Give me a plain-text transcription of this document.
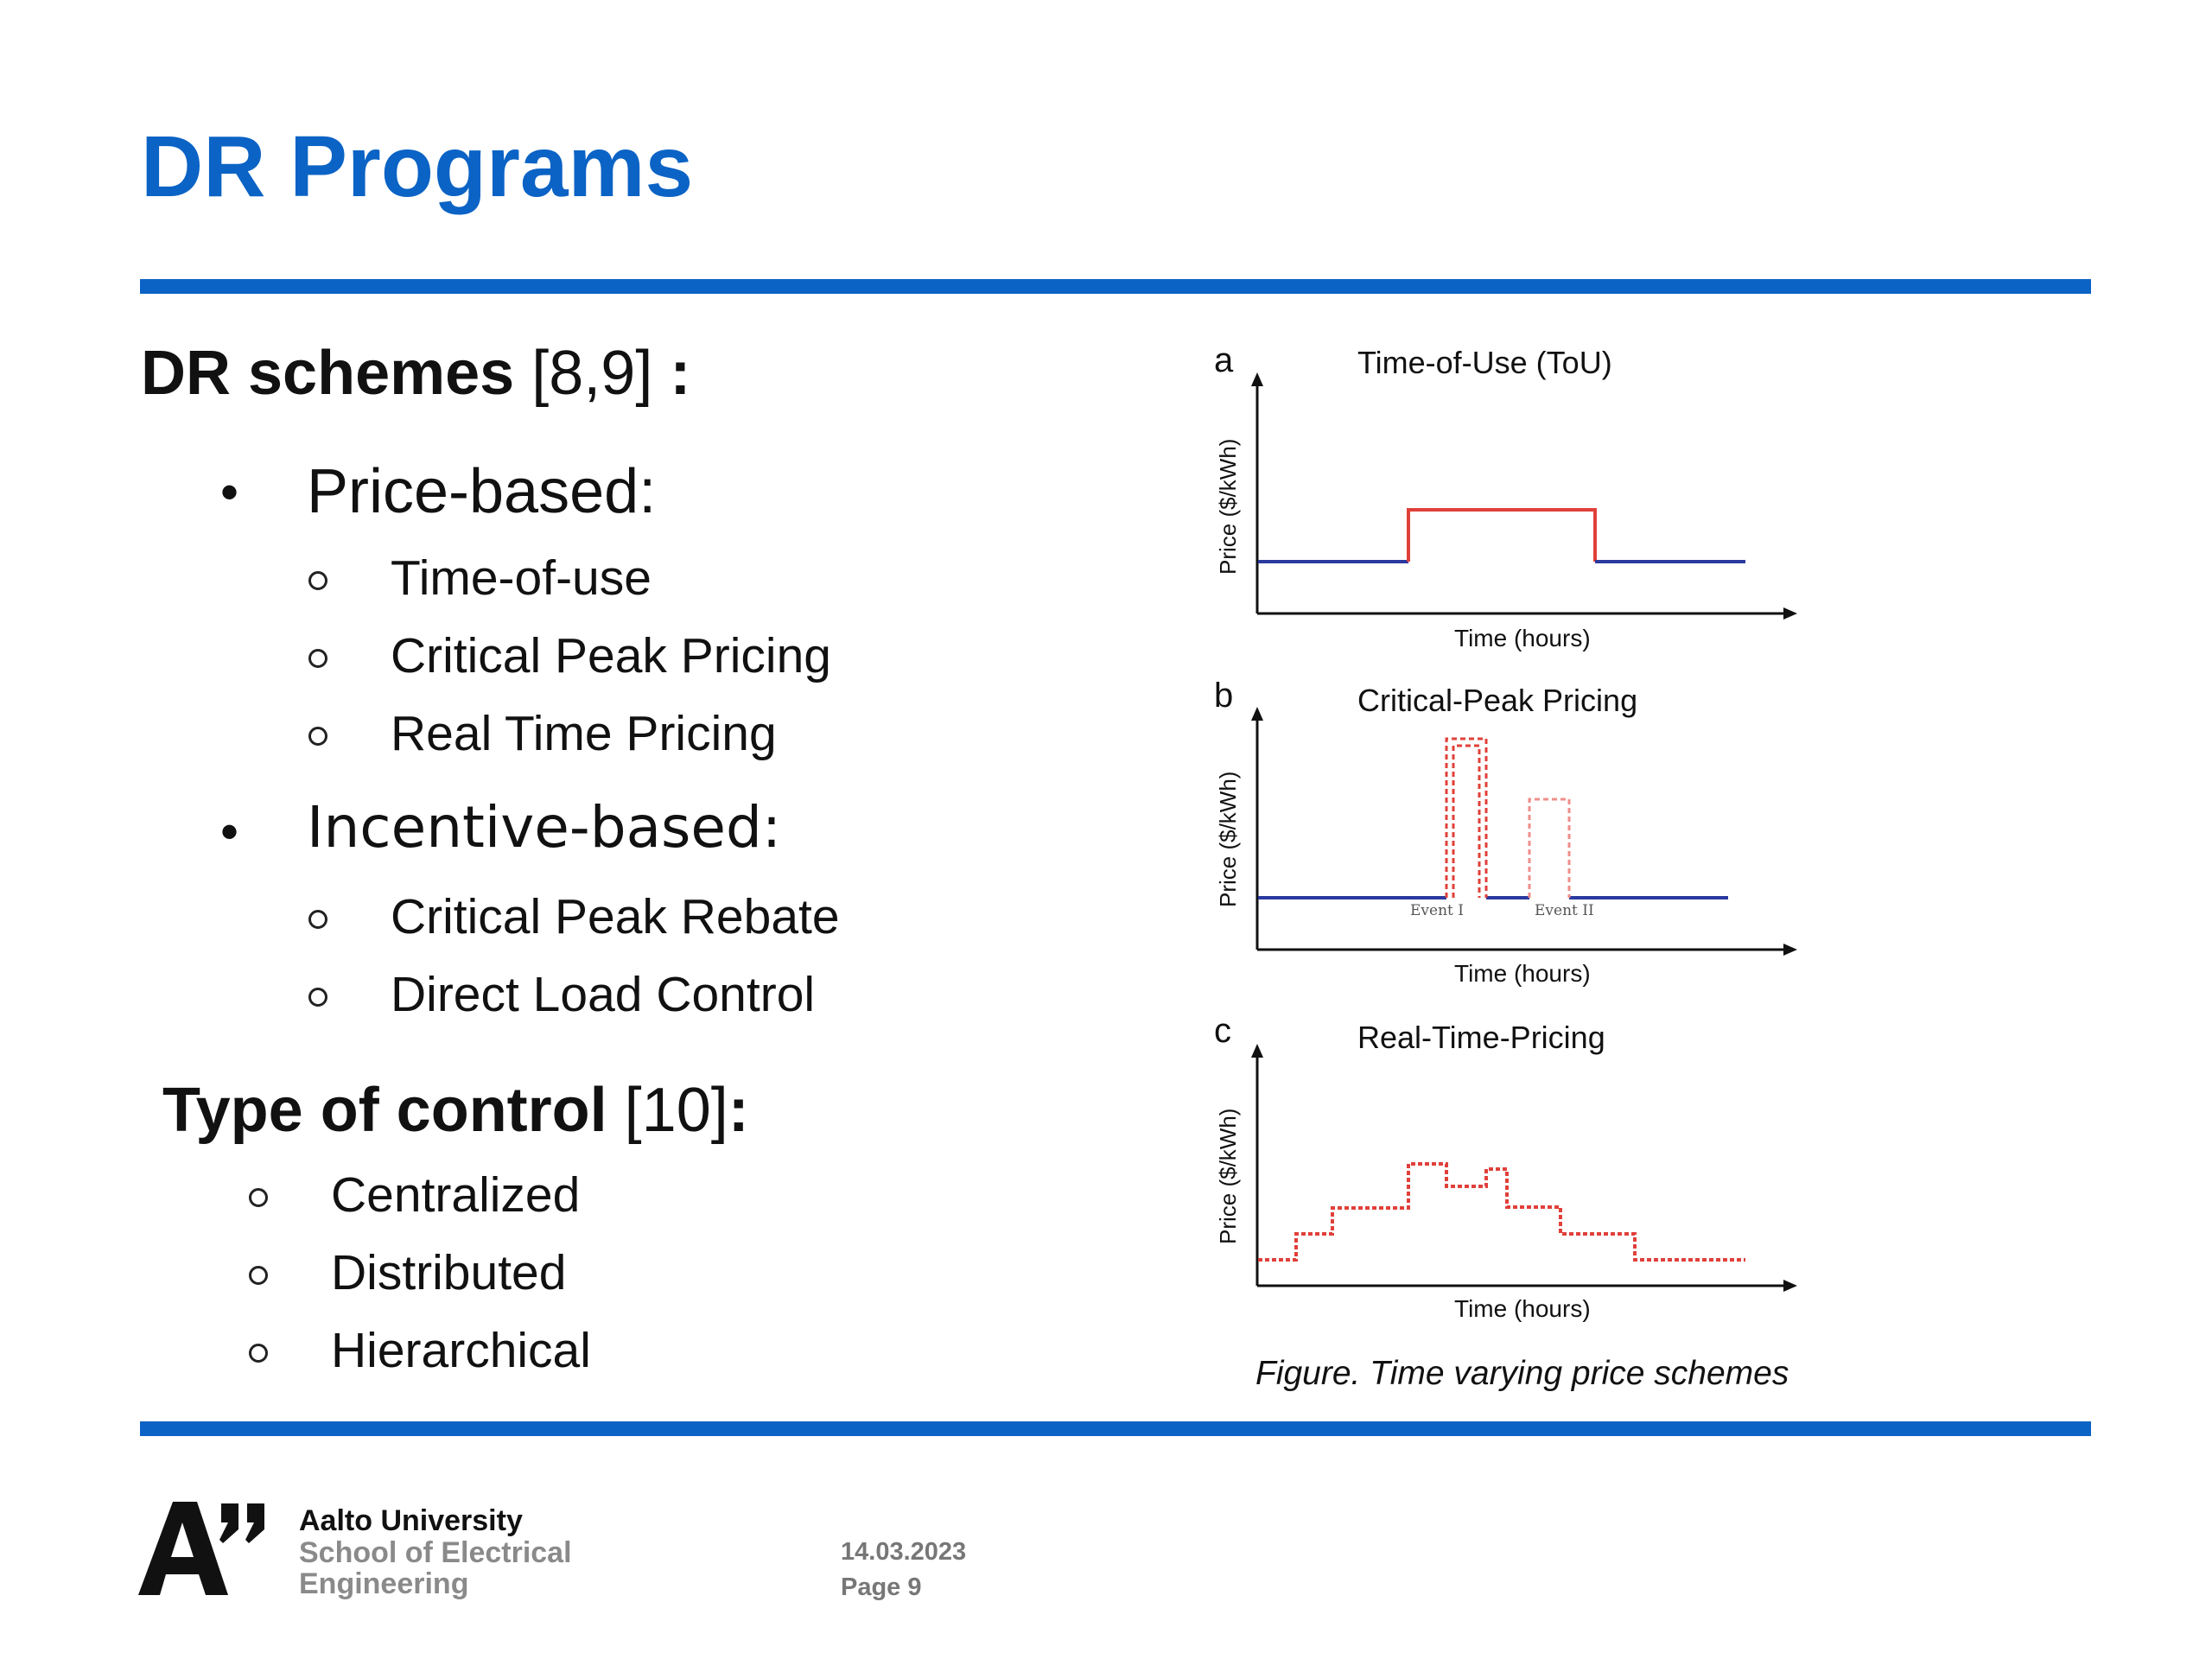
DR Programs
DR schemes [8,9] :
• Price-based:
Time-of-use
Critical Peak Pricing
Real Time Pricing
• Incentive-based:
Critical Peak Rebate
Direct Load Control
Type of control [10]:
Centralized
Distributed
Hierarchical
a	Time-of-Use (ToU)
Price ($/kWh)
Time (hours)
b	Critical-Peak Pricing
Price ($/kWh)
Time (hours)
Event I	Event II
c	Real-Time-Pricing
Price ($/kWh)
Time (hours)
Figure. Time varying price schemes
Aalto University
School of Electrical
Engineering
14.03.2023
Page 9
